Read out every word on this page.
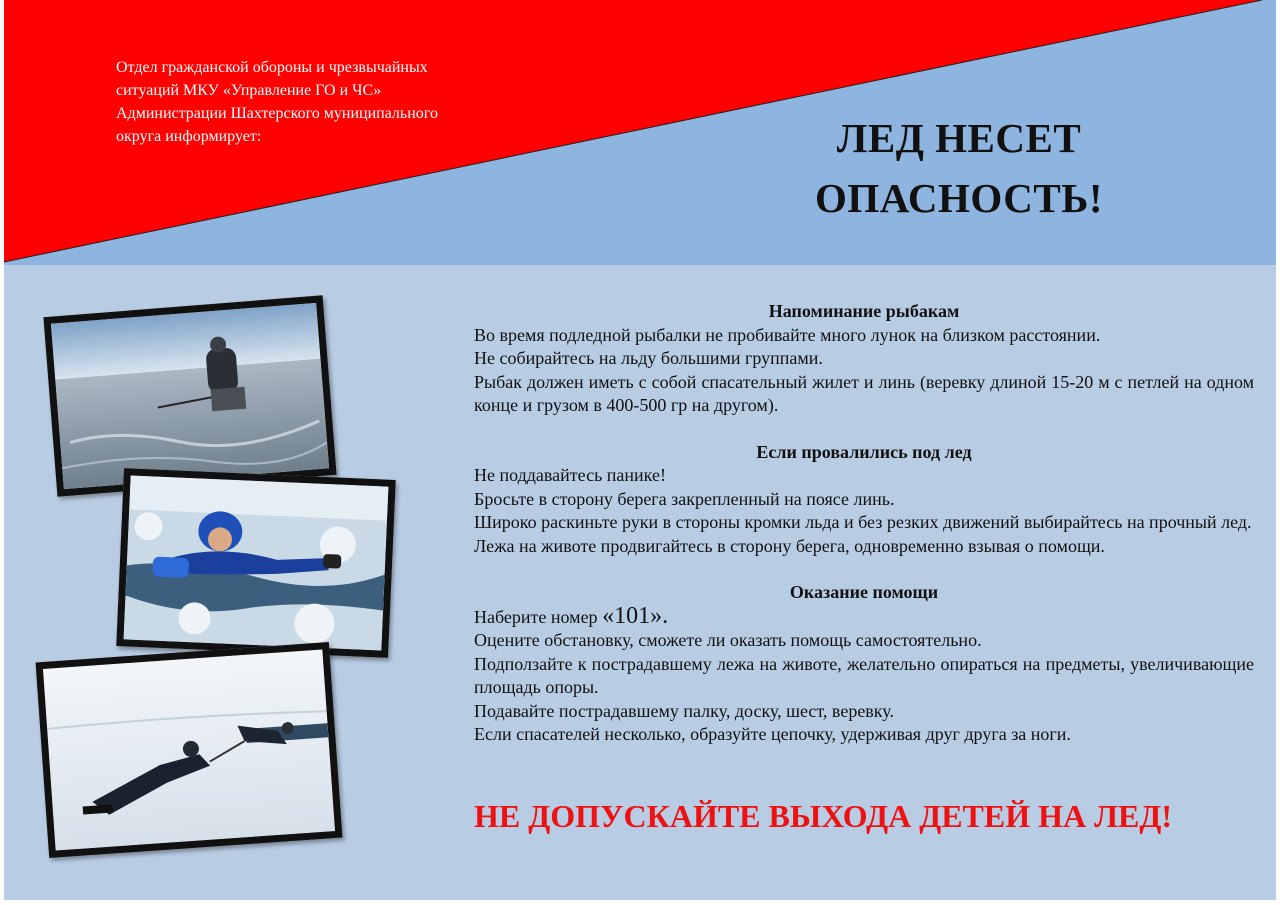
Отдел гражданской обороны и чрезвычайных
ситуаций МКУ «Управление ГО и ЧС»
Администрации Шахтерского муниципального
округа информирует:	ЛЕД НЕСЕТ
ОПАСНОСТЬ!

Напоминание рыбакам

Во время подледной рыбалки не пробивайте много лунок на близком расстоянии.

Не собирайтесь на льду большими группами.

Рыбак должен иметь с собой спасательный жилет и линь (веревку длиной 15-20 м с петлей на одном конце и грузом в 400-500 гр на другом).

Если провалились под лед

Не поддавайтесь панике!

Бросьте в сторону берега закрепленный на поясе линь.

Широко раскиньте руки в стороны кромки льда и без резких движений выбирайтесь на прочный лед.

Лежа на животе продвигайтесь в сторону берега, одновременно взывая о помощи.

Оказание помощи

Наберите номер «101».

Оцените обстановку, сможете ли оказать помощь самостоятельно.

Подползайте к пострадавшему лежа на животе, желательно опираться на предметы, увеличивающие площадь опоры.

Подавайте пострадавшему палку, доску, шест, веревку.

Если спасателей несколько, образуйте цепочку, удерживая друг друга за ноги.

НЕ ДОПУСКАЙТЕ ВЫХОДА ДЕТЕЙ НА ЛЕД!
